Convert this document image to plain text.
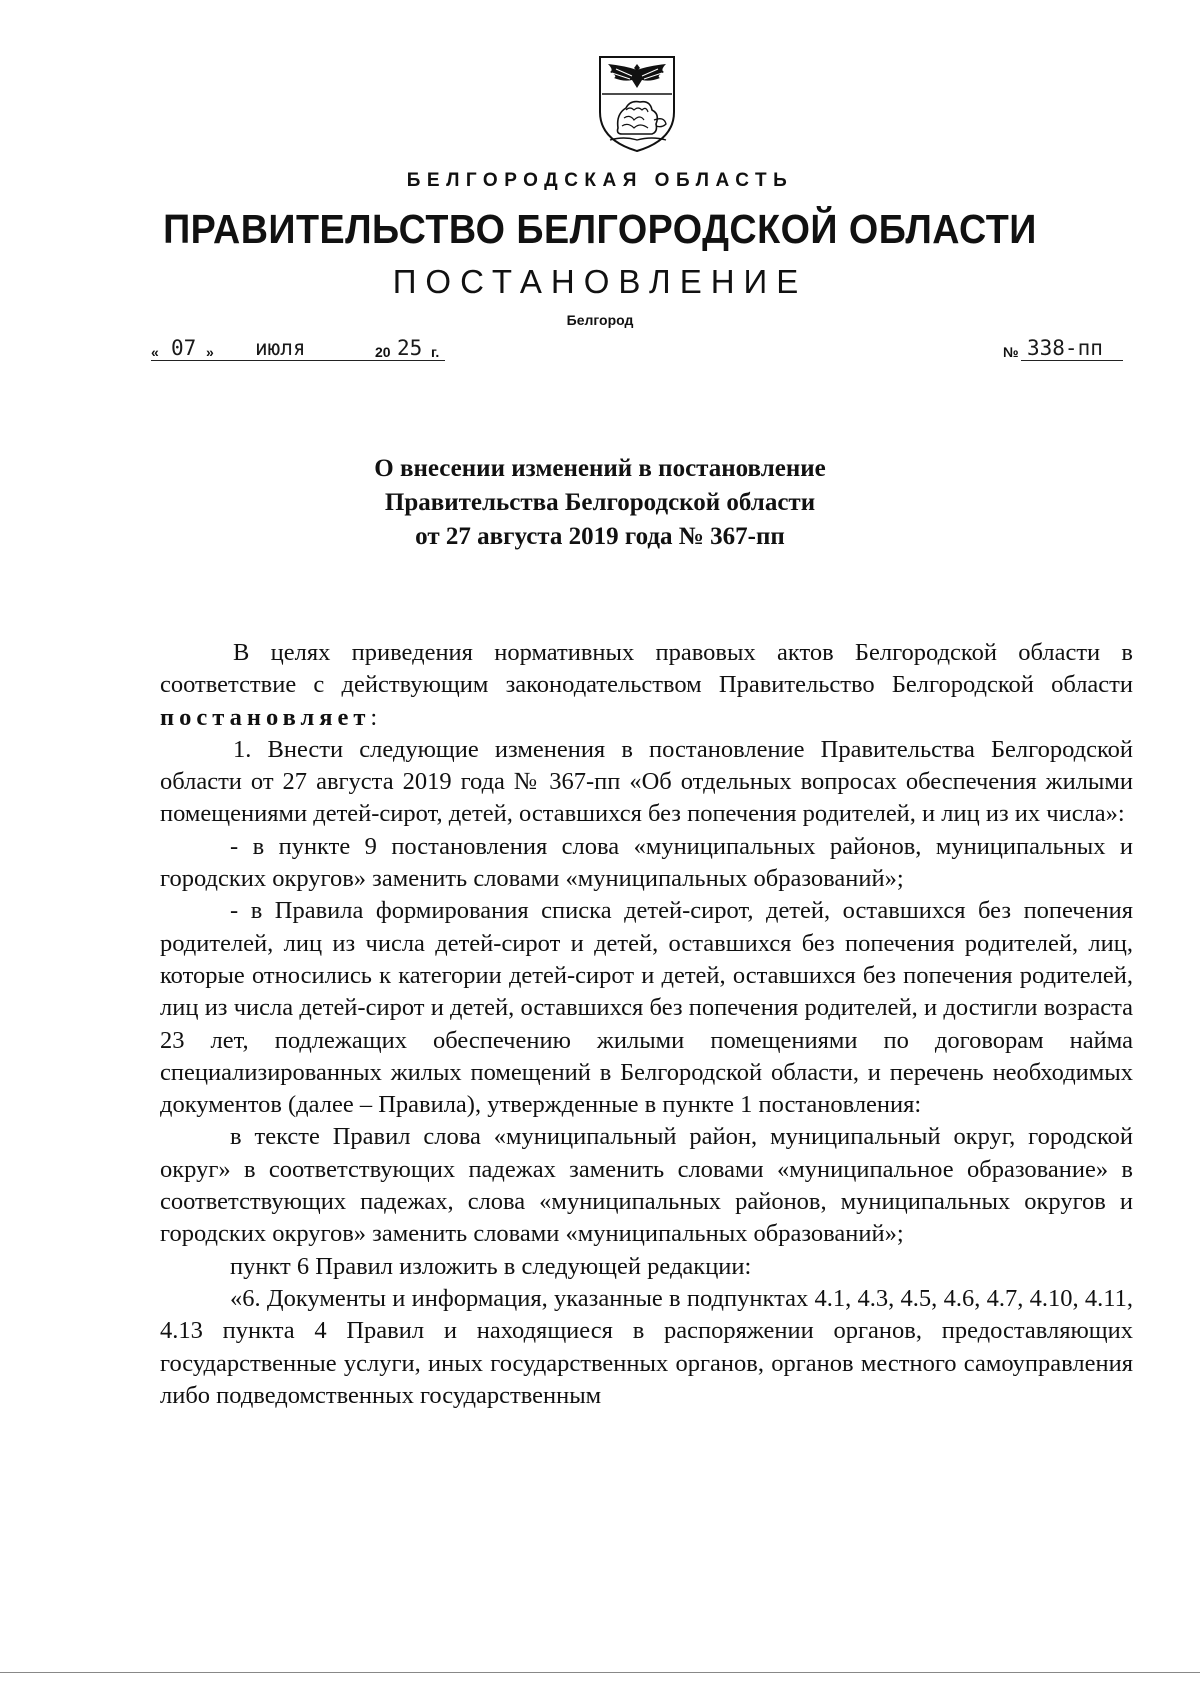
БЕЛГОРОДСКАЯ ОБЛАСТЬ
ПРАВИТЕЛЬСТВО БЕЛГОРОДСКОЙ ОБЛАСТИ
ПОСТАНОВЛЕНИЕ
Белгород
« 07 » июля	20 25 г.	№ 338-пп
О внесении изменений в постановление
Правительства Белгородской области
от 27 августа 2019 года № 367-пп

В целях приведения нормативных правовых актов Белгородской области в соответствие с действующим законодательством Правительство Белгородской области постановляет:

1. Внести следующие изменения в постановление Правительства Белгородской области от 27 августа 2019 года № 367-пп «Об отдельных вопросах обеспечения жилыми помещениями детей-сирот, детей, оставшихся без попечения родителей, и лиц из их числа»:

- в пункте 9 постановления слова «муниципальных районов, муниципальных и городских округов» заменить словами «муниципальных образований»;

- в Правила формирования списка детей-сирот, детей, оставшихся без попечения родителей, лиц из числа детей-сирот и детей, оставшихся без попечения родителей, лиц, которые относились к категории детей-сирот и детей, оставшихся без попечения родителей, лиц из числа детей-сирот и детей, оставшихся без попечения родителей, и достигли возраста 23 лет, подлежащих обеспечению жилыми помещениями по договорам найма специализированных жилых помещений в Белгородской области, и перечень необходимых документов (далее – Правила), утвержденные в пункте 1 постановления:

в тексте Правил слова «муниципальный район, муниципальный округ, городской округ» в соответствующих падежах заменить словами «муниципальное образование» в соответствующих падежах, слова «муниципальных районов, муниципальных округов и городских округов» заменить словами «муниципальных образований»;

пункт 6 Правил изложить в следующей редакции:

«6. Документы и информация, указанные в подпунктах 4.1, 4.3, 4.5, 4.6, 4.7, 4.10, 4.11, 4.13 пункта 4 Правил и находящиеся в распоряжении органов, предоставляющих государственные услуги, иных государственных органов, органов местного самоуправления либо подведомственных государственным
